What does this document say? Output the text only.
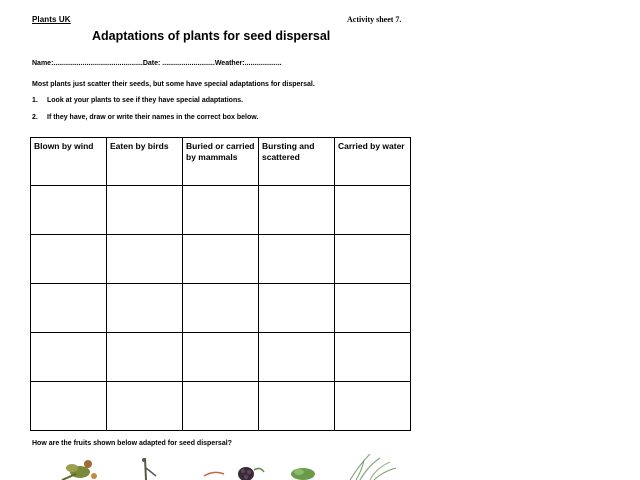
Plants UK	Activity sheet 7.
Adaptations of plants for seed dispersal
Name:..............................................Date: ...........................Weather:...................
Most plants just scatter their seeds, but some have special adaptations for dispersal.
1. Look at your plants to see if they have special adaptations.
2. If they have, draw or write their names in the correct box below.
Blown by wind	Eaten by birds	Buried or carried by mammals	Bursting and scattered	Carried by water

How are the fruits shown below adapted for seed dispersal?
